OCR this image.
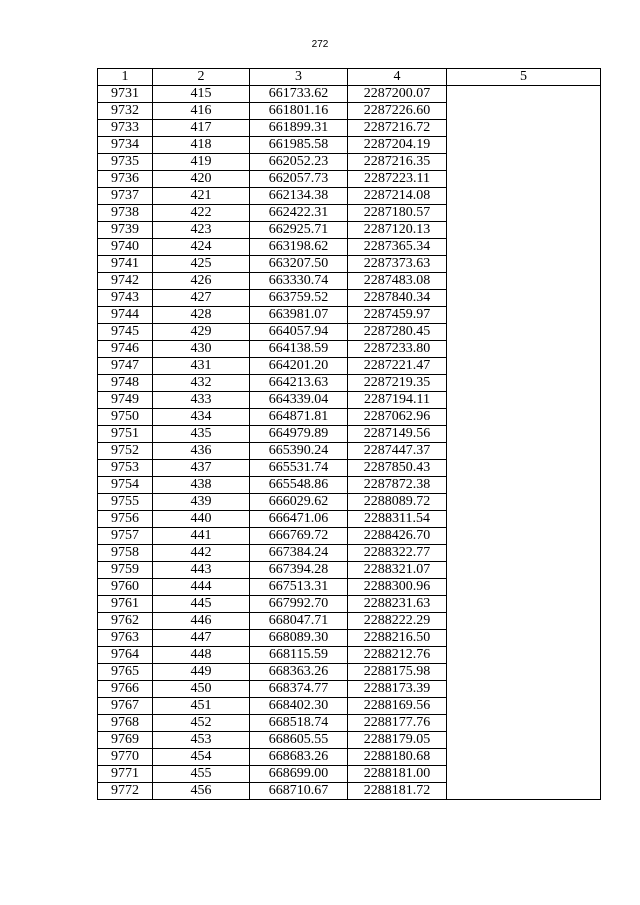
272
1	2	3	4	5
9731	415	661733.62	2287200.07	
9732	416	661801.16	2287226.60	
9733	417	661899.31	2287216.72	
9734	418	661985.58	2287204.19	
9735	419	662052.23	2287216.35	
9736	420	662057.73	2287223.11	
9737	421	662134.38	2287214.08	
9738	422	662422.31	2287180.57	
9739	423	662925.71	2287120.13	
9740	424	663198.62	2287365.34	
9741	425	663207.50	2287373.63	
9742	426	663330.74	2287483.08	
9743	427	663759.52	2287840.34	
9744	428	663981.07	2287459.97	
9745	429	664057.94	2287280.45	
9746	430	664138.59	2287233.80	
9747	431	664201.20	2287221.47	
9748	432	664213.63	2287219.35	
9749	433	664339.04	2287194.11	
9750	434	664871.81	2287062.96	
9751	435	664979.89	2287149.56	
9752	436	665390.24	2287447.37	
9753	437	665531.74	2287850.43	
9754	438	665548.86	2287872.38	
9755	439	666029.62	2288089.72	
9756	440	666471.06	2288311.54	
9757	441	666769.72	2288426.70	
9758	442	667384.24	2288322.77	
9759	443	667394.28	2288321.07	
9760	444	667513.31	2288300.96	
9761	445	667992.70	2288231.63	
9762	446	668047.71	2288222.29	
9763	447	668089.30	2288216.50	
9764	448	668115.59	2288212.76	
9765	449	668363.26	2288175.98	
9766	450	668374.77	2288173.39	
9767	451	668402.30	2288169.56	
9768	452	668518.74	2288177.76	
9769	453	668605.55	2288179.05	
9770	454	668683.26	2288180.68	
9771	455	668699.00	2288181.00	
9772	456	668710.67	2288181.72	
